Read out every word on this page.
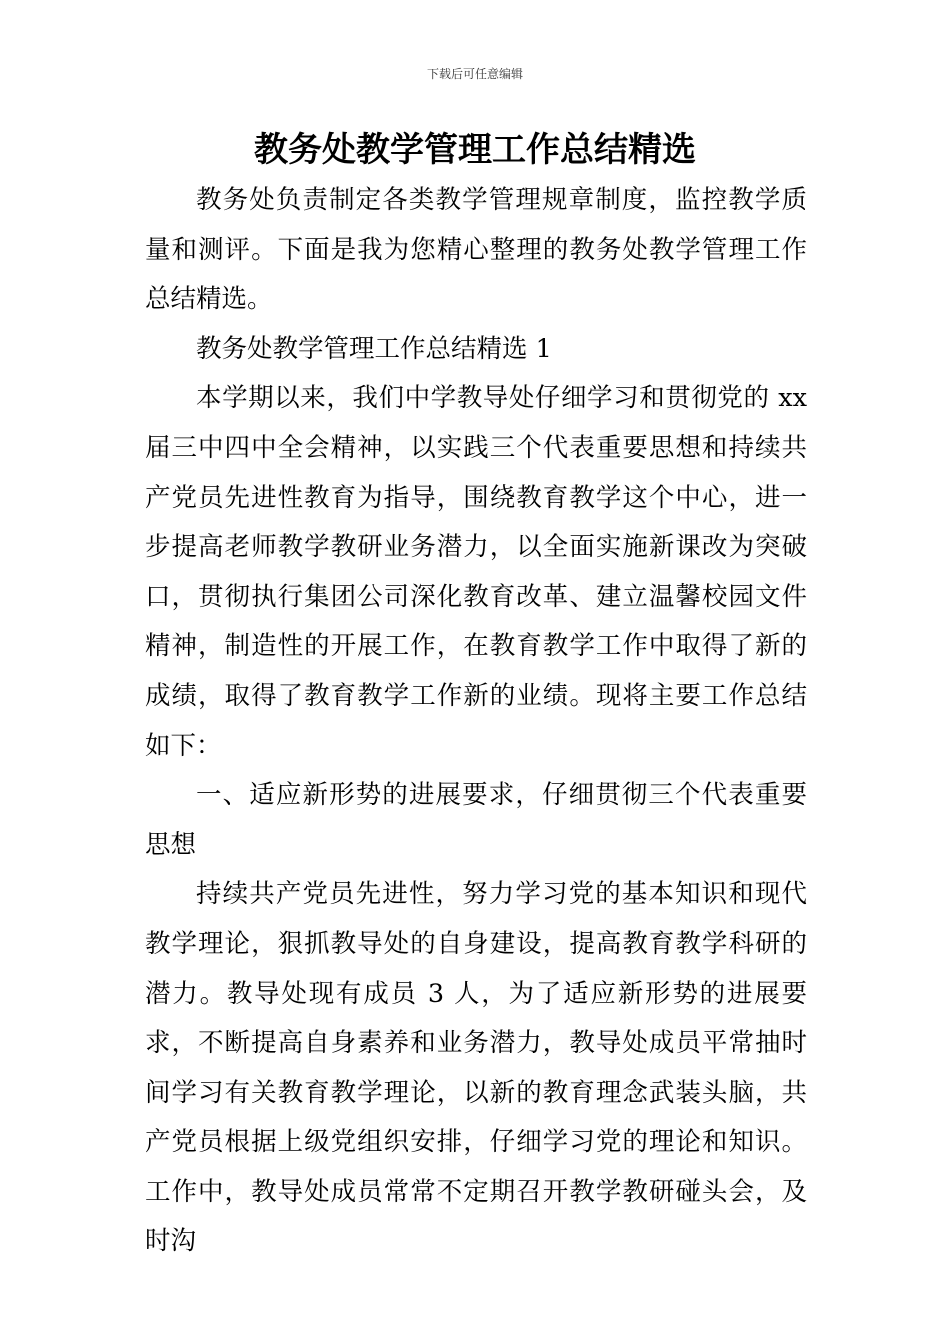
下载后可任意编辑
教务处教学管理工作总结精选

教务处负责制定各类教学管理规章制度，监控教学质量和测评。下面是我为您精心整理的教务处教学管理工作总结精选。

教务处教学管理工作总结精选 1

本学期以来，我们中学教导处仔细学习和贯彻党的 xx 届三中四中全会精神，以实践三个代表重要思想和持续共产党员先进性教育为指导，围绕教育教学这个中心，进一步提高老师教学教研业务潜力，以全面实施新课改为突破口，贯彻执行集团公司深化教育改革、建立温馨校园文件精神，制造性的开展工作，在教育教学工作中取得了新的成绩，取得了教育教学工作新的业绩。现将主要工作总结如下：

一、适应新形势的进展要求，仔细贯彻三个代表重要思想

持续共产党员先进性，努力学习党的基本知识和现代教学理论，狠抓教导处的自身建设，提高教育教学科研的潜力。教导处现有成员 3 人，为了适应新形势的进展要求，不断提高自身素养和业务潜力，教导处成员平常抽时间学习有关教育教学理论，以新的教育理念武装头脑，共产党员根据上级党组织安排，仔细学习党的理论和知识。工作中，教导处成员常常不定期召开教学教研碰头会，及时沟
